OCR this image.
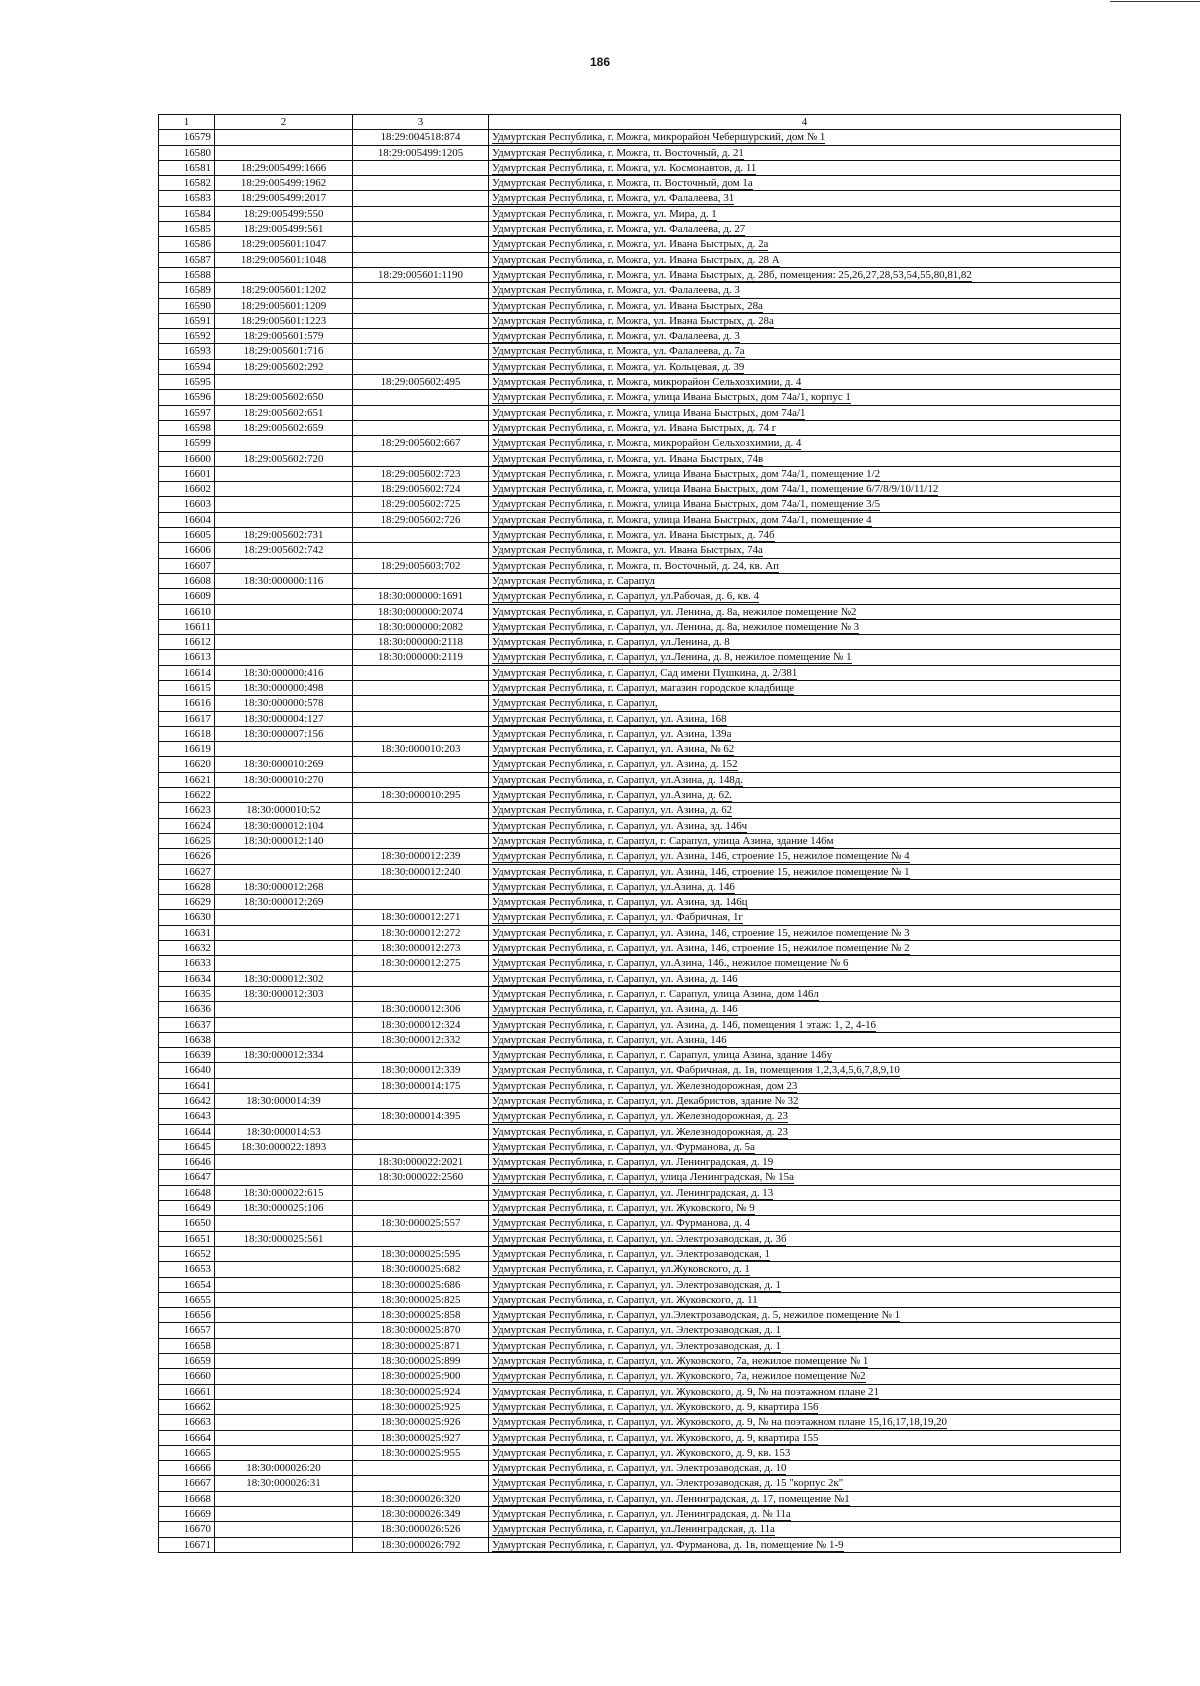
186
1	2	3	4
16579		18:29:004518:874	Удмуртская Республика, г. Можга, микрорайон Чебершурский, дом № 1
16580		18:29:005499:1205	Удмуртская Республика, г. Можга, п. Восточный, д. 21
16581	18:29:005499:1666		Удмуртская Республика, г. Можга, ул. Космонавтов, д. 11
16582	18:29:005499:1962		Удмуртская Республика, г. Можга, п. Восточный, дом 1а
16583	18:29:005499:2017		Удмуртская Республика, г. Можга, ул. Фалалеева, 31
16584	18:29:005499:550		Удмуртская Республика, г. Можга, ул. Мира, д. 1
16585	18:29:005499:561		Удмуртская Республика, г. Можга, ул. Фалалеева, д. 27
16586	18:29:005601:1047		Удмуртская Республика, г. Можга, ул. Ивана Быстрых, д. 2а
16587	18:29:005601:1048		Удмуртская Республика, г. Можга, ул. Ивана Быстрых, д. 28 А
16588		18:29:005601:1190	Удмуртская Республика, г. Можга, ул. Ивана Быстрых, д. 28б, помещения: 25,26,27,28,53,54,55,80,81,82
16589	18:29:005601:1202		Удмуртская Республика, г. Можга, ул. Фалалеева, д. 3
16590	18:29:005601:1209		Удмуртская Республика, г. Можга, ул. Ивана Быстрых, 28а
16591	18:29:005601:1223		Удмуртская Республика, г. Можга, ул. Ивана Быстрых, д. 28а
16592	18:29:005601:579		Удмуртская Республика, г. Можга, ул. Фалалеева, д. 3
16593	18:29:005601:716		Удмуртская Республика, г. Можга, ул. Фалалеева, д. 7а
16594	18:29:005602:292		Удмуртская Республика, г. Можга, ул. Кольцевая, д. 39
16595		18:29:005602:495	Удмуртская Республика, г. Можга, микрорайон Сельхозхимии, д. 4
16596	18:29:005602:650		Удмуртская Республика, г. Можга, улица Ивана Быстрых, дом 74а/1, корпус 1
16597	18:29:005602:651		Удмуртская Республика, г. Можга, улица Ивана Быстрых, дом 74а/1
16598	18:29:005602:659		Удмуртская Республика, г. Можга, ул. Ивана Быстрых, д. 74 г
16599		18:29:005602:667	Удмуртская Республика, г. Можга, микрорайон Сельхозхимии, д. 4
16600	18:29:005602:720		Удмуртская Республика, г. Можга, ул. Ивана Быстрых, 74в
16601		18:29:005602:723	Удмуртская Республика, г. Можга, улица Ивана Быстрых, дом 74а/1, помещение 1/2
16602		18:29:005602:724	Удмуртская Республика, г. Можга, улица Ивана Быстрых, дом 74а/1, помещение 6/7/8/9/10/11/12
16603		18:29:005602:725	Удмуртская Республика, г. Можга, улица Ивана Быстрых, дом 74а/1, помещение 3/5
16604		18:29:005602:726	Удмуртская Республика, г. Можга, улица Ивана Быстрых, дом 74а/1, помещение 4
16605	18:29:005602:731		Удмуртская Республика, г. Можга, ул. Ивана Быстрых, д. 74б
16606	18:29:005602:742		Удмуртская Республика, г. Можга, ул. Ивана Быстрых, 74а
16607		18:29:005603:702	Удмуртская Республика, г. Можга, п. Восточный, д. 24, кв. Ап
16608	18:30:000000:116		Удмуртская Республика, г. Сарапул
16609		18:30:000000:1691	Удмуртская Республика, г. Сарапул, ул.Рабочая, д. 6, кв. 4
16610		18:30:000000:2074	Удмуртская Республика, г. Сарапул, ул. Ленина, д. 8а, нежилое помещение №2
16611		18:30:000000:2082	Удмуртская Республика, г. Сарапул, ул. Ленина, д. 8а, нежилое помещение № 3
16612		18:30:000000:2118	Удмуртская Республика, г. Сарапул, ул.Ленина, д. 8
16613		18:30:000000:2119	Удмуртская Республика, г. Сарапул, ул.Ленина, д. 8, нежилое помещение № 1
16614	18:30:000000:416		Удмуртская Республика, г. Сарапул, Сад имени Пушкина, д. 2/381
16615	18:30:000000:498		Удмуртская Республика, г. Сарапул, магазин городское кладбище
16616	18:30:000000:578		Удмуртская Республика, г. Сарапул,
16617	18:30:000004:127		Удмуртская Республика, г. Сарапул, ул. Азина, 168
16618	18:30:000007:156		Удмуртская Республика, г. Сарапул, ул. Азина, 139а
16619		18:30:000010:203	Удмуртская Республика, г. Сарапул, ул. Азина, № 62
16620	18:30:000010:269		Удмуртская Республика, г. Сарапул, ул. Азина, д. 152
16621	18:30:000010:270		Удмуртская Республика, г. Сарапул, ул.Азина, д. 148д.
16622		18:30:000010:295	Удмуртская Республика, г. Сарапул, ул.Азина, д. 62.
16623	18:30:000010:52		Удмуртская Республика, г. Сарапул, ул. Азина, д. 62
16624	18:30:000012:104		Удмуртская Республика, г. Сарапул, ул. Азина, зд. 146ч
16625	18:30:000012:140		Удмуртская Республика, г. Сарапул, г. Сарапул, улица Азина, здание 146м
16626		18:30:000012:239	Удмуртская Республика, г. Сарапул, ул. Азина, 146, строение 15, нежилое помещение № 4
16627		18:30:000012:240	Удмуртская Республика, г. Сарапул, ул. Азина, 146, строение 15, нежилое помещение № 1
16628	18:30:000012:268		Удмуртская Республика, г. Сарапул, ул.Азина, д. 146
16629	18:30:000012:269		Удмуртская Республика, г. Сарапул, ул. Азина, зд. 146ц
16630		18:30:000012:271	Удмуртская Республика, г. Сарапул, ул. Фабричная, 1г
16631		18:30:000012:272	Удмуртская Республика, г. Сарапул, ул. Азина, 146, строение 15, нежилое помещение № 3
16632		18:30:000012:273	Удмуртская Республика, г. Сарапул, ул. Азина, 146, строение 15, нежилое помещение № 2
16633		18:30:000012:275	Удмуртская Республика, г. Сарапул, ул.Азина, 146., нежилое помещение № 6
16634	18:30:000012:302		Удмуртская Республика, г. Сарапул, ул. Азина, д. 146
16635	18:30:000012:303		Удмуртская Республика, г. Сарапул, г. Сарапул, улица Азина, дом 146л
16636		18:30:000012:306	Удмуртская Республика, г. Сарапул, ул. Азина, д. 146
16637		18:30:000012:324	Удмуртская Республика, г. Сарапул, ул. Азина, д. 146, помещения 1 этаж: 1, 2, 4-16
16638		18:30:000012:332	Удмуртская Республика, г. Сарапул, ул. Азина, 146
16639	18:30:000012:334		Удмуртская Республика, г. Сарапул, г. Сарапул, улица Азина, здание 146у
16640		18:30:000012:339	Удмуртская Республика, г. Сарапул, ул. Фабричная, д. 1в, помещения 1,2,3,4,5,6,7,8,9,10
16641		18:30:000014:175	Удмуртская Республика, г. Сарапул, ул. Железнодорожная, дом 23
16642	18:30:000014:39		Удмуртская Республика, г. Сарапул, ул. Декабристов, здание № 32
16643		18:30:000014:395	Удмуртская Республика, г. Сарапул, ул. Железнодорожная, д. 23
16644	18:30:000014:53		Удмуртская Республика, г. Сарапул, ул. Железнодорожная, д. 23
16645	18:30:000022:1893		Удмуртская Республика, г. Сарапул, ул. Фурманова, д. 5а
16646		18:30:000022:2021	Удмуртская Республика, г. Сарапул, ул. Ленинградская, д. 19
16647		18:30:000022:2560	Удмуртская Республика, г. Сарапул, улица Ленинградская, № 15а
16648	18:30:000022:615		Удмуртская Республика, г. Сарапул, ул. Ленинградская, д. 13
16649	18:30:000025:106		Удмуртская Республика, г. Сарапул, ул. Жуковского, № 9
16650		18:30:000025:557	Удмуртская Республика, г. Сарапул, ул. Фурманова, д. 4
16651	18:30:000025:561		Удмуртская Республика, г. Сарапул, ул. Электрозаводская, д. 3б
16652		18:30:000025:595	Удмуртская Республика, г. Сарапул, ул. Электрозаводская, 1
16653		18:30:000025:682	Удмуртская Республика, г. Сарапул, ул.Жуковского, д. 1
16654		18:30:000025:686	Удмуртская Республика, г. Сарапул, ул. Электрозаводская, д. 1
16655		18:30:000025:825	Удмуртская Республика, г. Сарапул, ул. Жуковского, д. 11
16656		18:30:000025:858	Удмуртская Республика, г. Сарапул, ул.Электрозаводская, д. 5, нежилое помещение № 1
16657		18:30:000025:870	Удмуртская Республика, г. Сарапул, ул. Электрозаводская, д. 1
16658		18:30:000025:871	Удмуртская Республика, г. Сарапул, ул. Электрозаводская, д. 1
16659		18:30:000025:899	Удмуртская Республика, г. Сарапул, ул. Жуковского, 7а, нежилое помещение № 1
16660		18:30:000025:900	Удмуртская Республика, г. Сарапул, ул. Жуковского, 7а, нежилое помещение №2
16661		18:30:000025:924	Удмуртская Республика, г. Сарапул, ул. Жуковского, д. 9, № на поэтажном плане 21
16662		18:30:000025:925	Удмуртская Республика, г. Сарапул, ул. Жуковского, д. 9, квартира 156
16663		18:30:000025:926	Удмуртская Республика, г. Сарапул, ул. Жуковского, д. 9, № на поэтажном плане 15,16,17,18,19,20
16664		18:30:000025:927	Удмуртская Республика, г. Сарапул, ул. Жуковского, д. 9, квартира 155
16665		18:30:000025:955	Удмуртская Республика, г. Сарапул, ул. Жуковского, д. 9, кв. 153
16666	18:30:000026:20		Удмуртская Республика, г. Сарапул, ул. Электрозаводская, д. 10
16667	18:30:000026:31		Удмуртская Республика, г. Сарапул, ул. Электрозаводская, д. 15 "корпус 2к"
16668		18:30:000026:320	Удмуртская Республика, г. Сарапул, ул. Ленинградская, д. 17, помещение №1
16669		18:30:000026:349	Удмуртская Республика, г. Сарапул, ул. Ленинградская, д. № 11а
16670		18:30:000026:526	Удмуртская Республика, г. Сарапул, ул.Ленинградская, д. 11а
16671		18:30:000026:792	Удмуртская Республика, г. Сарапул, ул. Фурманова, д. 1в, помещение № 1-9
